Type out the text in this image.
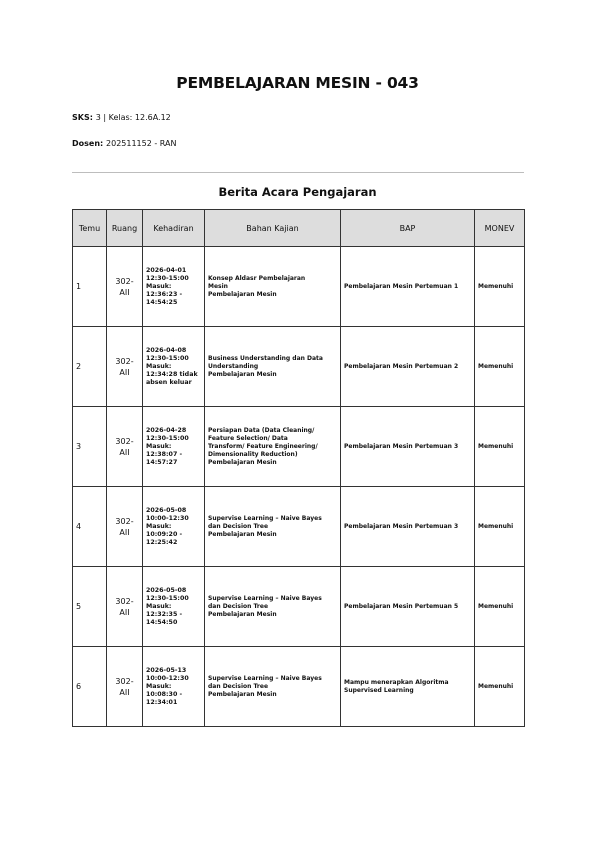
PEMBELAJARAN MESIN - 043
SKS: 3 | Kelas: 12.6A.12
Dosen: 202511152 - RAN
Berita Acara Pengajaran
Temu	Ruang	Kehadiran	Bahan Kajian	BAP	MONEV
1	302-
AII	2026-04-01
12:30-15:00
Masuk:
12:36:23 -
14:54:25	Konsep Aldasr Pembelajaran
Mesin
Pembelajaran Mesin	Pembelajaran Mesin Pertemuan 1	Memenuhi
2	302-
AII	2026-04-08
12:30-15:00
Masuk:
12:34:28 tidak
absen keluar	Business Understanding dan Data
Understanding
Pembelajaran Mesin	Pembelajaran Mesin Pertemuan 2	Memenuhi
3	302-
AII	2026-04-28
12:30-15:00
Masuk:
12:38:07 -
14:57:27	Persiapan Data (Data Cleaning/
Feature Selection/ Data
Transform/ Feature Engineering/
Dimensionality Reduction)
Pembelajaran Mesin	Pembelajaran Mesin Pertemuan 3	Memenuhi
4	302-
AII	2026-05-08
10:00-12:30
Masuk:
10:09:20 -
12:25:42	Supervise Learning – Naive Bayes
dan Decision Tree
Pembelajaran Mesin	Pembelajaran Mesin Pertemuan 3	Memenuhi
5	302-
AII	2026-05-08
12:30-15:00
Masuk:
12:32:35 -
14:54:50	Supervise Learning – Naive Bayes
dan Decision Tree
Pembelajaran Mesin	Pembelajaran Mesin Pertemuan 5	Memenuhi
6	302-
AII	2026-05-13
10:00-12:30
Masuk:
10:08:30 -
12:34:01	Supervise Learning – Naive Bayes
dan Decision Tree
Pembelajaran Mesin	Mampu menerapkan Algoritma
Supervised Learning	Memenuhi
